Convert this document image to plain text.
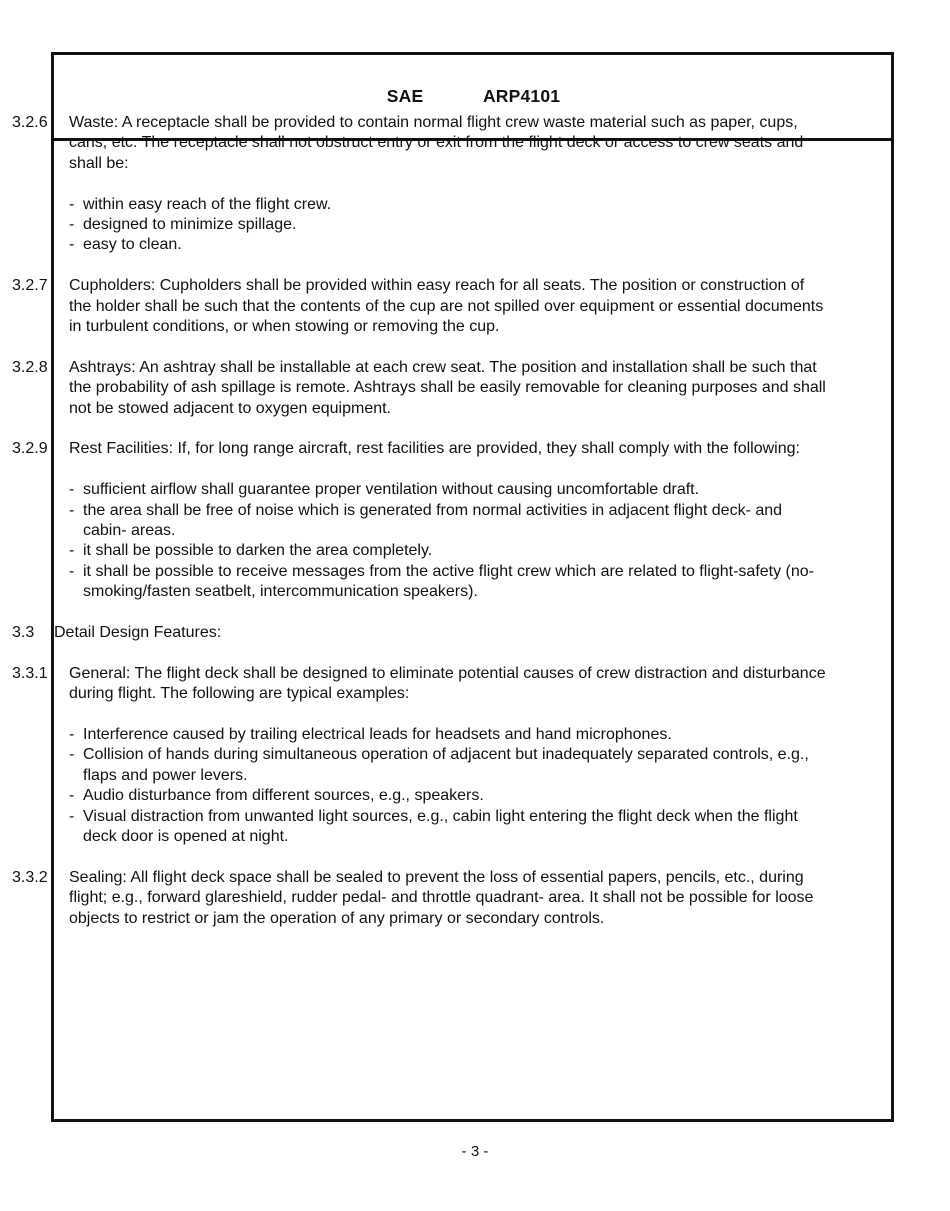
SAE    ARP4101
3.2.6	Waste: A receptacle shall be provided to contain normal flight crew waste material such as paper, cups, cans, etc. The receptacle shall not obstruct entry or exit from the flight deck or access to crew seats and shall be:

- within easy reach of the flight crew.
- designed to minimize spillage.
- easy to clean.
3.2.7	Cupholders: Cupholders shall be provided within easy reach for all seats. The position or construction of the holder shall be such that the contents of the cup are not spilled over equipment or essential documents in turbulent conditions, or when stowing or removing the cup.

3.2.8	Ashtrays: An ashtray shall be installable at each crew seat. The position and installation shall be such that the probability of ash spillage is remote. Ashtrays shall be easily removable for cleaning purposes and shall not be stowed adjacent to oxygen equipment.

3.2.9	Rest Facilities: If, for long range aircraft, rest facilities are provided, they shall comply with the following:

- sufficient airflow shall guarantee proper ventilation without causing uncomfortable draft.
- the area shall be free of noise which is generated from normal activities in adjacent flight deck- and cabin- areas.
- it shall be possible to darken the area completely.
- it shall be possible to receive messages from the active flight crew which are related to flight-safety (no-smoking/fasten seatbelt, intercommunication speakers).
3.3	Detail Design Features:

3.3.1	General: The flight deck shall be designed to eliminate potential causes of crew distraction and disturbance during flight. The following are typical examples:

- Interference caused by trailing electrical leads for headsets and hand microphones.
- Collision of hands during simultaneous operation of adjacent but inadequately separated controls, e.g., flaps and power levers.
- Audio disturbance from different sources, e.g., speakers.
- Visual distraction from unwanted light sources, e.g., cabin light entering the flight deck when the flight deck door is opened at night.
3.3.2	Sealing: All flight deck space shall be sealed to prevent the loss of essential papers, pencils, etc., during flight; e.g., forward glareshield, rudder pedal- and throttle quadrant- area. It shall not be possible for loose objects to restrict or jam the operation of any primary or secondary controls.

- 3 -
